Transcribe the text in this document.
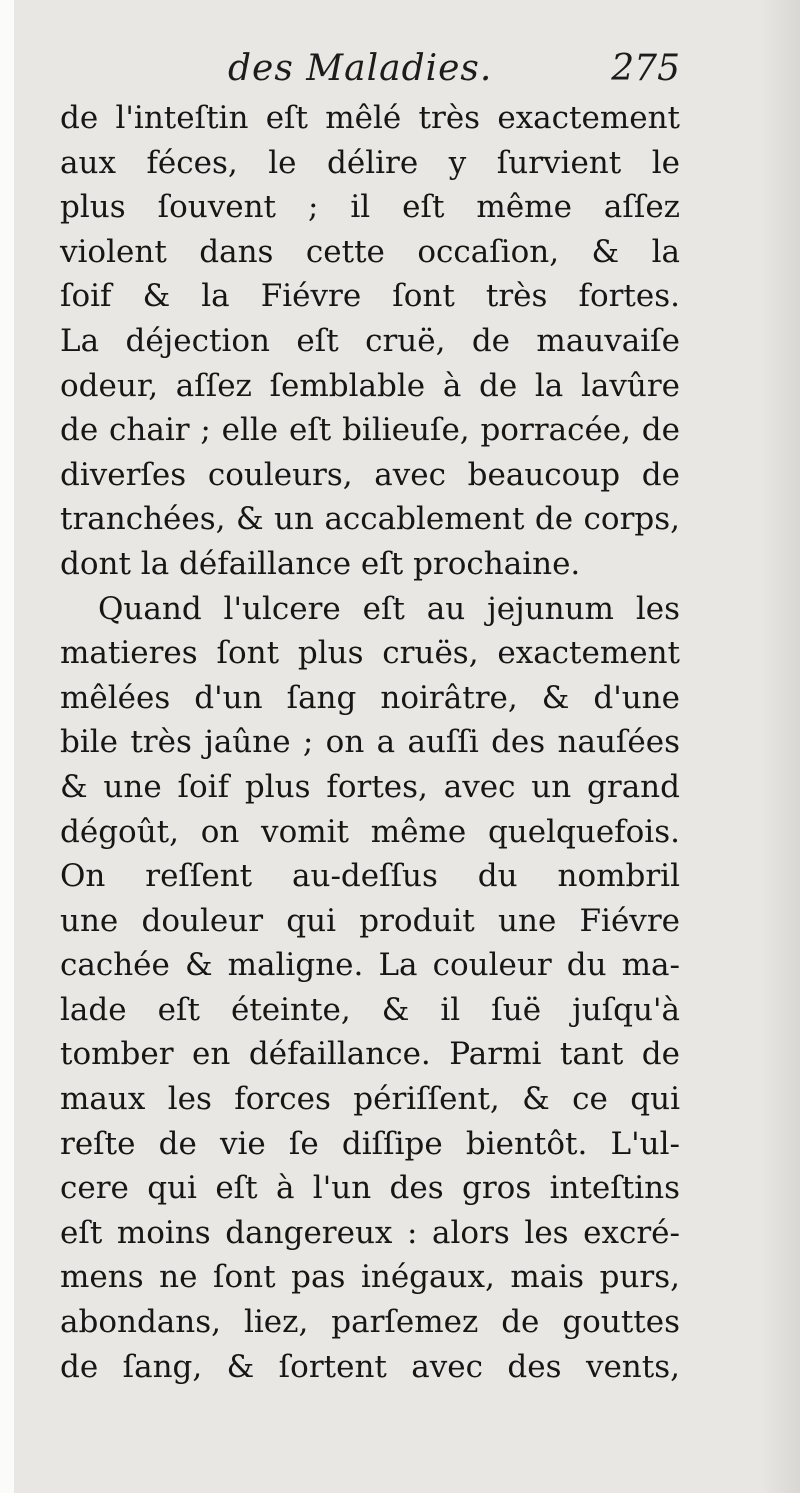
des Maladies.	275
de l'inteſtin eſt mêlé très exactement
aux féces, le délire y ſurvient le
plus ſouvent ; il eſt même aſſez
violent dans cette occaſion, & la
ſoif & la Fiévre ſont très fortes.
La déjection eſt cruë, de mauvaiſe
odeur, aſſez ſemblable à de la lavûre
de chair ; elle eſt bilieuſe, porracée, de
diverſes couleurs, avec beaucoup de
tranchées, & un accablement de corps,
dont la défaillance eſt prochaine.
Quand l'ulcere eſt au jejunum les
matieres ſont plus cruës, exactement
mêlées d'un ſang noirâtre, & d'une
bile très jaûne ; on a auſſi des nauſées
& une ſoif plus fortes, avec un grand
dégoût, on vomit même quelquefois.
On reſſent au-deſſus du nombril
une douleur qui produit une Fiévre
cachée & maligne. La couleur du ma-
lade eſt éteinte, & il ſuë juſqu'à
tomber en défaillance. Parmi tant de
maux les forces périſſent, & ce qui
reſte de vie ſe diſſipe bientôt. L'ul-
cere qui eſt à l'un des gros inteſtins
eſt moins dangereux : alors les excré-
mens ne ſont pas inégaux, mais purs,
abondans, liez, parſemez de gouttes
de ſang, & ſortent avec des vents,
